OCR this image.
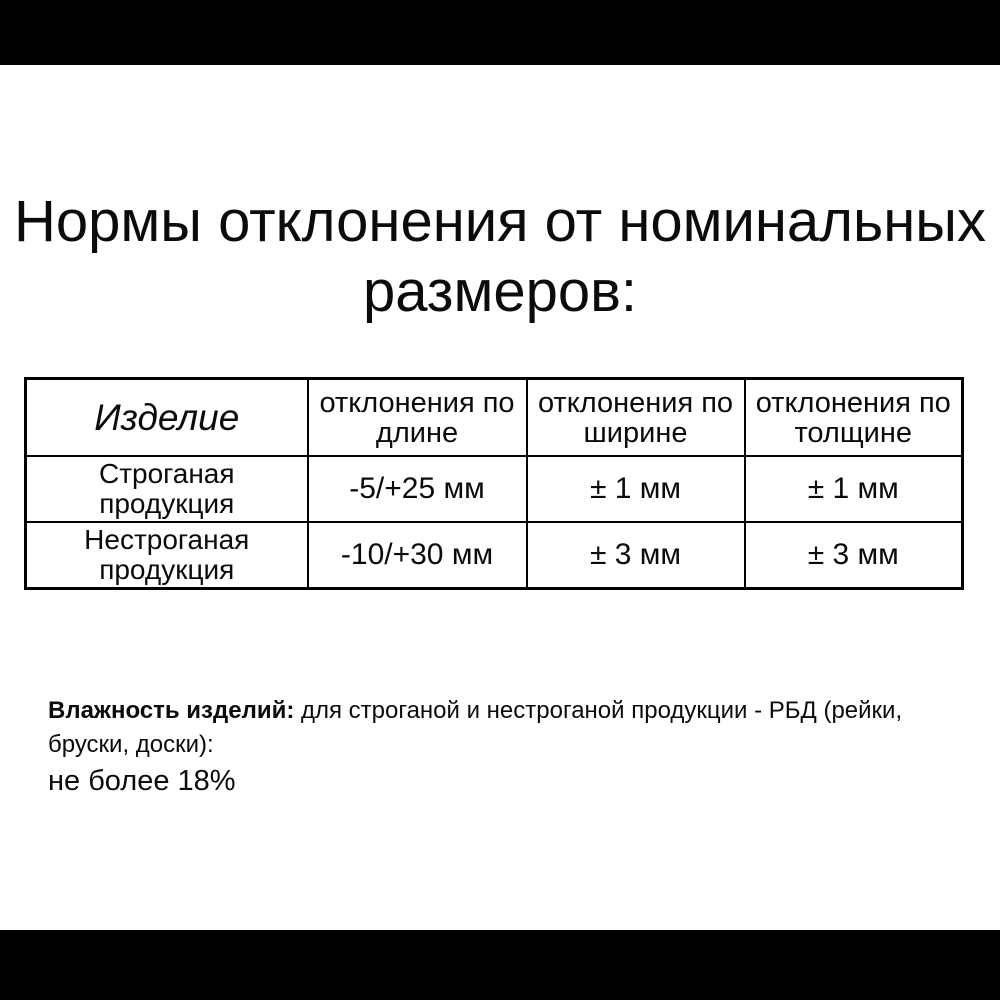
Нормы отклонения от номинальных
размеров:
Изделие	отклонения по длине	отклонения по ширине	отклонения по толщине
Строганая продукция	-5/+25 мм	± 1 мм	± 1 мм
Нестроганая продукция	-10/+30 мм	± 3 мм	± 3 мм

Влажность изделий: для строганой и нестроганой продукции - РБД (рейки, бруски, доски):
не более 18%
